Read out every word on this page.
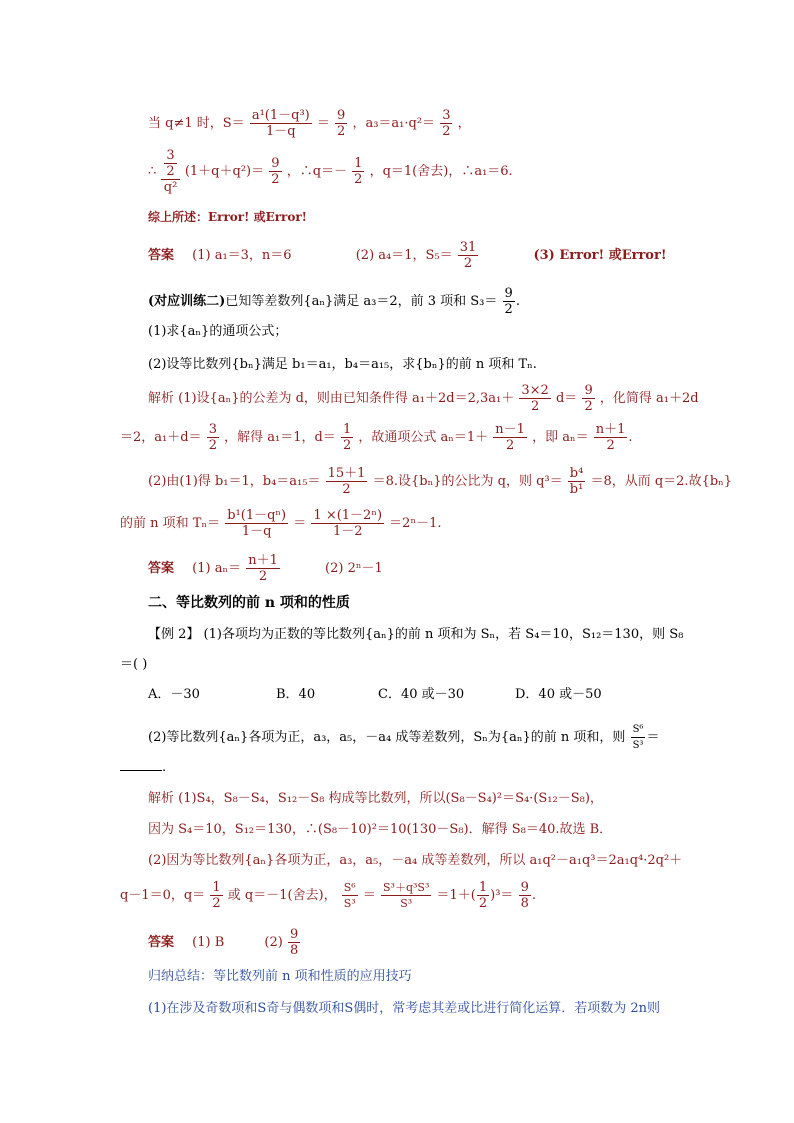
当 q≠1 时，$S= \frac{\text{a¹(1－q³)}}{1-q} = \frac{9}{2}$ ，$a_3=a_1\cdot q^2= \frac{3}{2}$ ，
∴ $\frac{\frac{3}{2}}{\text{q²}} (1+q+q^2)= \frac{9}{2}$ ，∴q＝－ $\frac{1}{2}$ ，q＝1(舍去)，∴a₁＝6.
综上所述：Error! 或Error!
答案 (1) a₁＝3，n＝6	(2) a₄＝1，$S_5= \frac{31}{2}$	(3) Error! 或Error!
(对应训练二)已知等差数列{aₙ}满足 a₃＝2，前 3 项和 $S_3= \frac{9}{2}$ .
(1)求{aₙ}的通项公式；
(2)设等比数列{bₙ}满足 b₁＝a₁，b₄＝a₁₅，求{bₙ}的前 n 项和 Tₙ.
解析 (1)设{aₙ}的公差为 d，则由已知条件得 $a_1+2d=2,3a_1+ \frac{3\times 2}{2} d= \frac{9}{2}$ ，化简得 a₁＋2d
＝2，$a_1+d= \frac{3}{2}$ ，解得 a₁＝1，$d= \frac{1}{2}$ ，故通项公式 $a_n=1+ \frac{n-1}{2}$ ，即 $a_n= \frac{n+1}{2}$ .
(2)由(1)得 b₁＝1，$b_4=a_{15}= \frac{15+1}{2} =8$.设{bₙ}的公比为 q，则 $q^3= \frac{\text{b⁴}}{\text{b¹}} =8$，从而 q＝2.故{bₙ}
的前 n 项和 $T_n= \frac{\text{b¹(1－qⁿ)}}{1-q} = \frac{\text{1 ×(1－2ⁿ)}}{1-2} =2^n-1$.
答案 (1) $a_n= \frac{n+1}{2}$	(2) 2ⁿ－1
二、等比数列的前 n 项和的性质
【例 2】 (1)各项均为正数的等比数列{aₙ}的前 n 项和为 Sₙ，若 S₄＝10，S₁₂＝130，则 S₈
＝( )
A．－30	B．40	C．40 或－30	D．40 或－50
(2)等比数列{aₙ}各项为正，a₃，a₅，－a₄ 成等差数列，Sₙ为{aₙ}的前 n 项和，则 $\frac{\text{S⁶}}{\text{S³}}$ ＝
.
解析 (1)S₄，S₈－S₄，S₁₂－S₈ 构成等比数列，所以(S₈－S₄)²＝S₄·(S₁₂－S₈)，
因为 S₄＝10，S₁₂＝130，∴(S₈－10)²＝10(130－S₈)．解得 S₈＝40.故选 B．
(2)因为等比数列{aₙ}各项为正，a₃，a₅，－a₄ 成等差数列，所以 a₁q²－a₁q³＝2a₁q⁴·2q²＋
q－1＝0，$q= \frac{1}{2}$ 或 q＝－1(舍去)， $\frac{\text{S⁶}}{\text{S³}} = \frac{\text{S³＋q³S³}}{\text{S³}} =1+( \frac{1}{2} )^3= \frac{9}{8}$ .
答案 (1) B	$(2) \frac{9}{8}$
归纳总结：等比数列前 n 项和性质的应用技巧
(1)在涉及奇数项和S奇与偶数项和S偶时，常考虑其差或比进行简化运算．若项数为 2n则
